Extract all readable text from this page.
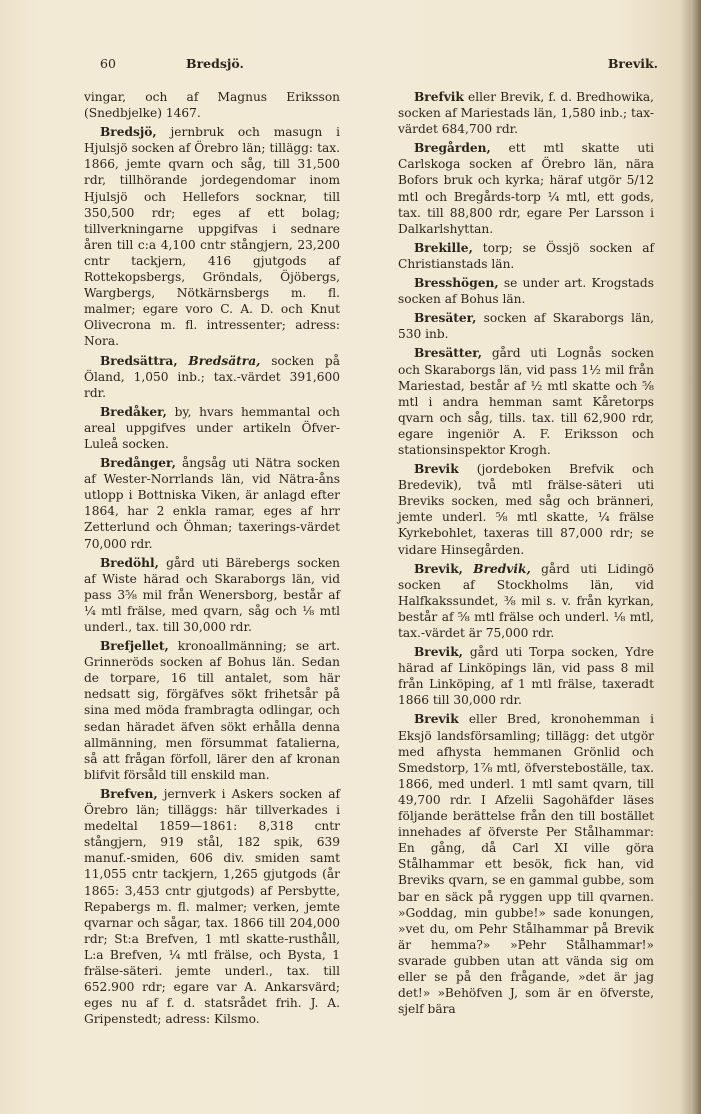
60	Bredsjö.	Brevik.

vingar, och af Magnus Eriksson (Snedbjelke) 1467.

Bredsjö, jernbruk och masugn i Hjulsjö socken af Örebro län; tillägg: tax. 1866, jemte qvarn och såg, till 31,500 rdr, tillhörande jordegendomar inom Hjulsjö och Hellefors socknar, till 350,500 rdr; eges af ett bolag; tillverkningarne uppgifvas i sednare åren till c:a 4,100 cntr stångjern, 23,200 cntr tackjern, 416 gjutgods af Rottekopsbergs, Gröndals, Öjöbergs, Wargbergs, Nötkärnsbergs m. fl. malmer; egare voro C. A. D. och Knut Olivecrona m. fl. intressenter; adress: Nora.

Bredsättra, Bredsätra, socken på Öland, 1,050 inb.; tax.-värdet 391,600 rdr.

Bredåker, by, hvars hemmantal och areal uppgifves under artikeln Öfver-Luleå socken.

Bredånger, ångsåg uti Nätra socken af Wester-Norrlands län, vid Nätra-åns utlopp i Bottniska Viken, är anlagd efter 1864, har 2 enkla ramar, eges af hrr Zetterlund och Öhman; taxerings-värdet 70,000 rdr.

Bredöhl, gård uti Bärebergs socken af Wiste härad och Skaraborgs län, vid pass 3⅝ mil från Wenersborg, består af ¼ mtl frälse, med qvarn, såg och ⅛ mtl underl., tax. till 30,000 rdr.

Brefjellet, kronoallmänning; se art. Grinneröds socken af Bohus län. Sedan de torpare, 16 till antalet, som här nedsatt sig, förgäfves sökt frihetsår på sina med möda frambragta odlingar, och sedan häradet äfven sökt erhålla denna allmänning, men försummat fatalierna, så att frågan förfoll, lärer den af kronan blifvit försåld till enskild man.

Brefven, jernverk i Askers socken af Örebro län; tilläggs: här tillverkades i medeltal 1859—1861: 8,318 cntr stångjern, 919 stål, 182 spik, 639 manuf.-smiden, 606 div. smiden samt 11,055 cntr tackjern, 1,265 gjutgods (år 1865: 3,453 cntr gjutgods) af Persbytte, Repabergs m. fl. malmer; verken, jemte qvarnar och sågar, tax. 1866 till 204,000 rdr; St:a Brefven, 1 mtl skatte-rusthåll, L:a Brefven, ¼ mtl frälse, och Bysta, 1 frälse-säteri. jemte underl., tax. till 652.900 rdr; egare var A. Ankarsvärd; eges nu af f. d. statsrådet frih. J. A. Gripenstedt; adress: Kilsmo.

Brefvik eller Brevik, f. d. Bredhowika, socken af Mariestads län, 1,580 inb.; tax-värdet 684,700 rdr.

Bregården, ett mtl skatte uti Carlskoga socken af Örebro län, nära Bofors bruk och kyrka; häraf utgör 5/12 mtl och Bregårds-torp ¼ mtl, ett gods, tax. till 88,800 rdr, egare Per Larsson i Dalkarlshyttan.

Brekille, torp; se Össjö socken af Christianstads län.

Bresshögen, se under art. Krogstads socken af Bohus län.

Bresäter, socken af Skaraborgs län, 530 inb.

Bresätter, gård uti Lognås socken och Skaraborgs län, vid pass 1½ mil från Mariestad, består af ½ mtl skatte och ⅝ mtl i andra hemman samt Kåretorps qvarn och såg, tills. tax. till 62,900 rdr, egare ingeniör A. F. Eriksson och stationsinspektor Krogh.

Brevik (jordeboken Brefvik och Bredevik), två mtl frälse-säteri uti Breviks socken, med såg och bränneri, jemte underl. ⅝ mtl skatte, ¼ frälse Kyrkebohlet, taxeras till 87,000 rdr; se vidare Hinsegården.

Brevik, Bredvik, gård uti Lidingö socken af Stockholms län, vid Halfkakssundet, ⅜ mil s. v. från kyrkan, består af ⅝ mtl frälse och underl. ⅛ mtl, tax.-värdet är 75,000 rdr.

Brevik, gård uti Torpa socken, Ydre härad af Linköpings län, vid pass 8 mil från Linköping, af 1 mtl frälse, taxeradt 1866 till 30,000 rdr.

Brevik eller Bred, kronohemman i Eksjö landsförsamling; tillägg: det utgör med afhysta hemmanen Grönlid och Smedstorp, 1⅞ mtl, öfversteboställe, tax. 1866, med underl. 1 mtl samt qvarn, till 49,700 rdr. I Afzelii Sagohäfder läses följande berättelse från den till bostället innehades af öfverste Per Stålhammar: En gång, då Carl XI ville göra Stålhammar ett besök, fick han, vid Breviks qvarn, se en gammal gubbe, som bar en säck på ryggen upp till qvarnen. »Goddag, min gubbe!» sade konungen, »vet du, om Pehr Stålhammar på Brevik är hemma?» »Pehr Stålhammar!» svarade gubben utan att vända sig om eller se på den frågande, »det är jag det!» »Behöfven J, som är en öfverste, sjelf bära
